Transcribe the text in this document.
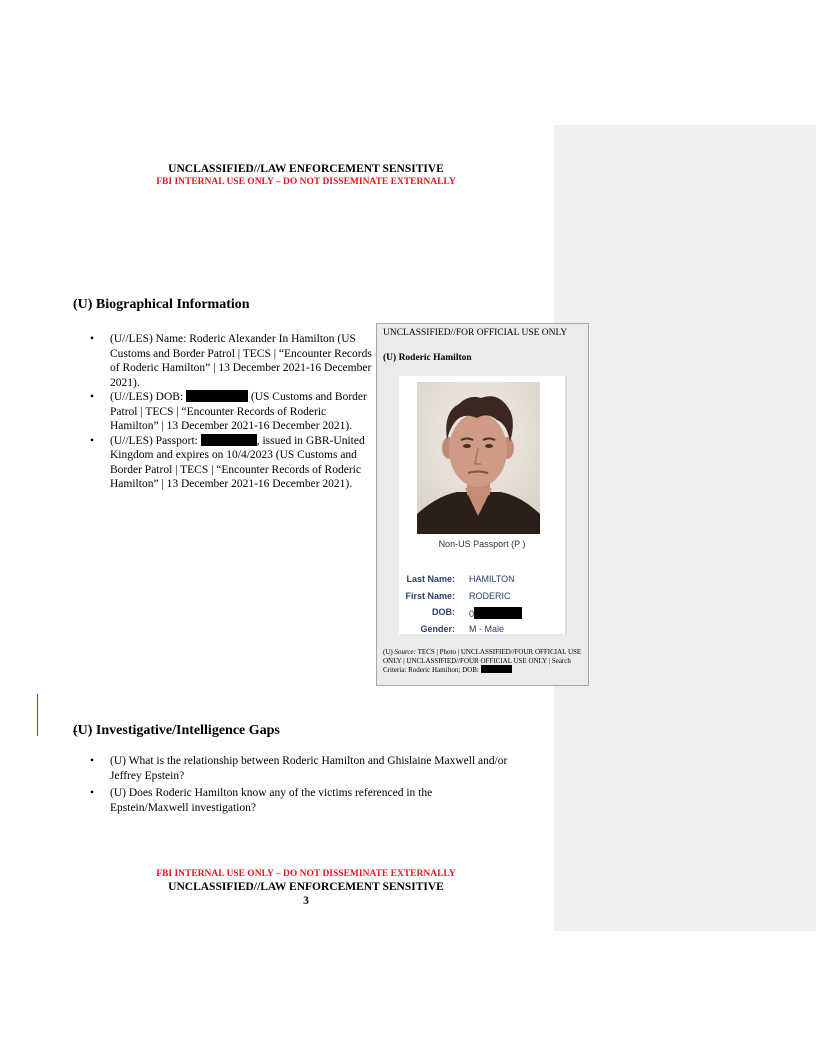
UNCLASSIFIED//LAW ENFORCEMENT SENSITIVE
FBI INTERNAL USE ONLY – DO NOT DISSEMINATE EXTERNALLY
(U) Biographical Information
• (U//LES) Name: Roderic Alexander In Hamilton (US Customs and Border Patrol | TECS | “Encounter Records of Roderic Hamilton” | 13 December 2021-16 December 2021).
• (U//LES) DOB:	(US Customs and Border Patrol | TECS | “Encounter Records of Roderic Hamilton” | 13 December 2021-16 December 2021).
• (U//LES) Passport:	, issued in GBR-United Kingdom and expires on 10/4/2023 (US Customs and Border Patrol | TECS | “Encounter Records of Roderic Hamilton” | 13 December 2021-16 December 2021).
UNCLASSIFIED//FOR OFFICIAL USE ONLY
(U) Roderic Hamilton
Non-US Passport (P )
Last Name: HAMILTON
First Name: RODERIC
DOB: 0
Gender: M - Male
(U) Source: TECS | Photo | UNCLASSIFIED//FOUR OFFICIAL USE ONLY | UNCLASSIFIED//FOUR OFFICIAL USE ONLY | Search Criteria: Roderic Hamilton; DOB:
(U) Investigative/Intelligence Gaps
• (U) What is the relationship between Roderic Hamilton and Ghislaine Maxwell and/or Jeffrey Epstein?
• (U) Does Roderic Hamilton know any of the victims referenced in the Epstein/Maxwell investigation?
FBI INTERNAL USE ONLY – DO NOT DISSEMINATE EXTERNALLY
UNCLASSIFIED//LAW ENFORCEMENT SENSITIVE
3
